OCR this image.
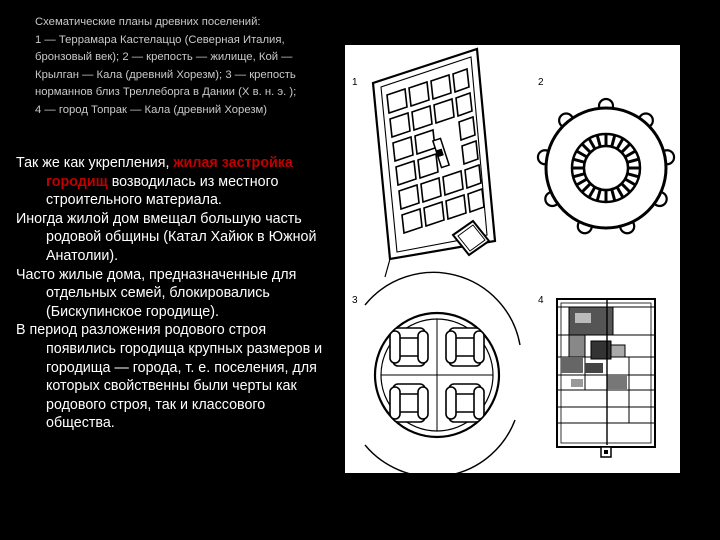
Схематические планы древних поселений:
1 — Террамара Кастелаццо (Северная Италия,
бронзовый век); 2 — крепость — жилище, Кой —
Крылган — Кала (древний Хорезм); 3 — крепость
норманнов близ Треллеборга в Дании (X в. н. э. );
4 — город Топрак — Кала (древний Хорезм)

Так же как укрепления, жилая застройка городищ возводилась из местного строительного материала.

Иногда жилой дом вмещал большую часть родовой общины (Катал Хайюк в Южной Анатолии).

Часто жилые дома, предназначенные для отдельных семей, блокировались (Бискупинское городище).

В период разложения родового строя появились городища крупных размеров и городища — города, т. е. поселения, для которых свойственны были черты как родового строя, так и классового общества.

1	2
3	4
